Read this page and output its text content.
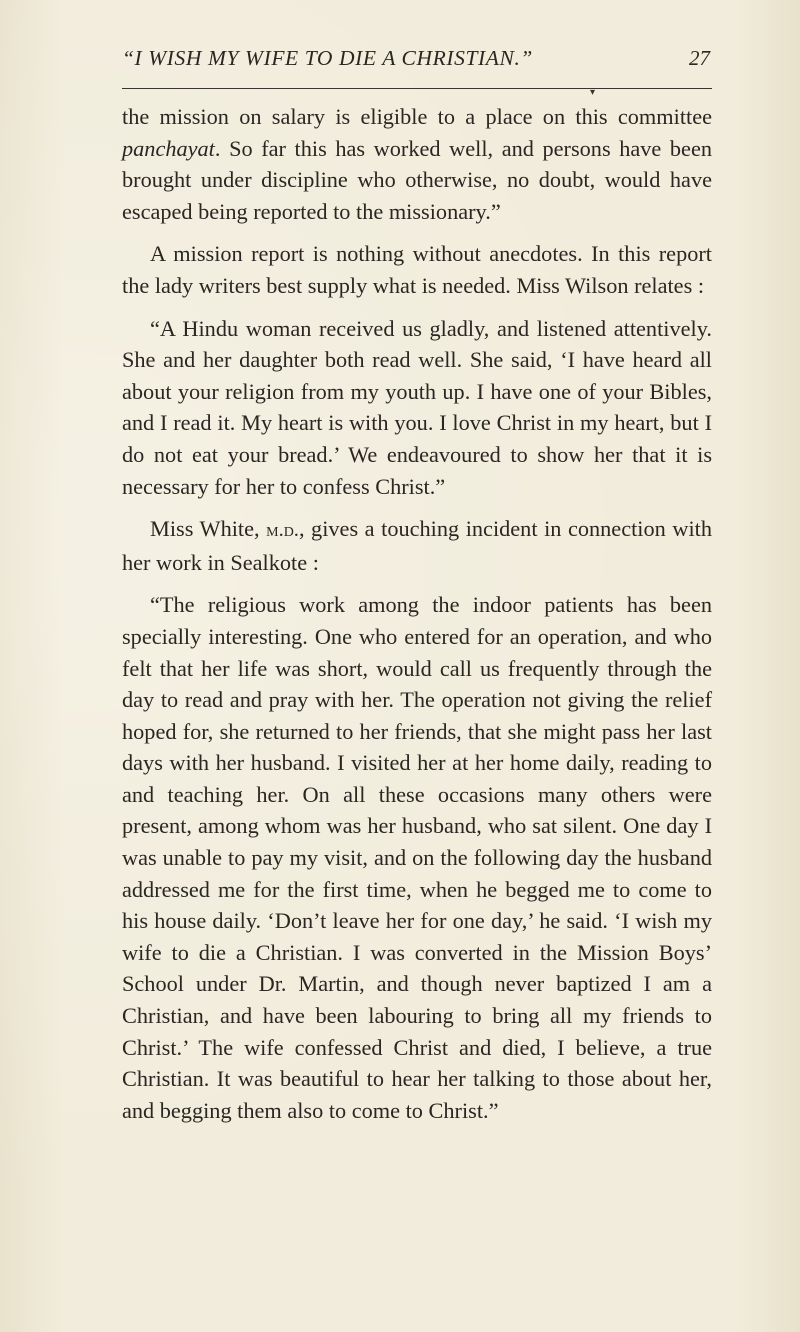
“I WISH MY WIFE TO DIE A CHRISTIAN.”	27
▾

the mission on salary is eligible to a place on this committee panchayat. So far this has worked well, and persons have been brought under discipline who otherwise, no doubt, would have escaped being reported to the missionary.”

A mission report is nothing without anecdotes. In this report the lady writers best supply what is needed. Miss Wilson relates :

“A Hindu woman received us gladly, and listened attentively. She and her daughter both read well. She said, ‘I have heard all about your religion from my youth up. I have one of your Bibles, and I read it. My heart is with you. I love Christ in my heart, but I do not eat your bread.’ We endeavoured to show her that it is necessary for her to confess Christ.”

Miss White, m.d., gives a touching incident in connection with her work in Sealkote :

“The religious work among the indoor patients has been specially interesting. One who entered for an operation, and who felt that her life was short, would call us frequently through the day to read and pray with her. The operation not giving the relief hoped for, she returned to her friends, that she might pass her last days with her husband. I visited her at her home daily, reading to and teaching her. On all these occasions many others were present, among whom was her husband, who sat silent. One day I was unable to pay my visit, and on the following day the husband addressed me for the first time, when he begged me to come to his house daily. ‘Don’t leave her for one day,’ he said. ‘I wish my wife to die a Christian. I was converted in the Mission Boys’ School under Dr. Martin, and though never baptized I am a Christian, and have been labouring to bring all my friends to Christ.’ The wife confessed Christ and died, I believe, a true Christian. It was beautiful to hear her talking to those about her, and begging them also to come to Christ.”
